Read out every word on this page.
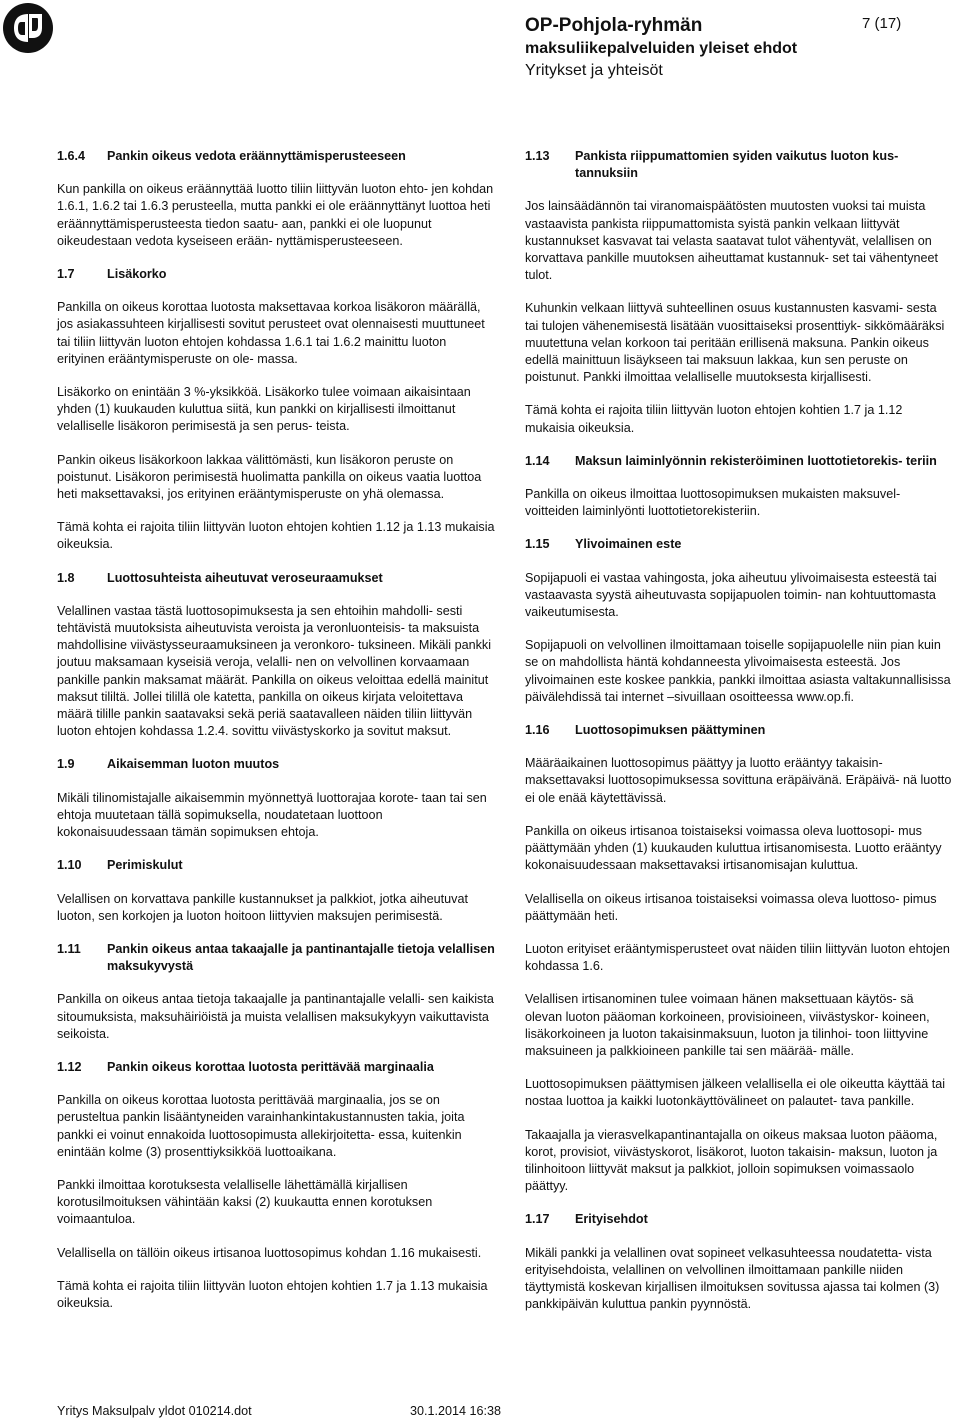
OP-Pohjola-ryhmän
maksuliikepalveluiden yleiset ehdot
Yritykset ja yhteisöt
7 (17)
1.6.4	Pankin oikeus vedota eräännyttämisperusteeseen

Kun pankilla on oikeus eräännyttää luotto tiliin liittyvän luoton ehto- jen kohdan 1.6.1, 1.6.2 tai 1.6.3 perusteella, mutta pankki ei ole eräännyttänyt luottoa heti eräännyttämisperusteesta tiedon saatu- aan, pankki ei ole luopunut oikeudestaan vedota kyseiseen erään- nyttämisperusteeseen.

1.7	Lisäkorko

Pankilla on oikeus korottaa luotosta maksettavaa korkoa lisäkoron määrällä, jos asiakassuhteen kirjallisesti sovitut perusteet ovat olennaisesti muuttuneet tai tiliin liittyvän luoton ehtojen kohdassa 1.6.1 tai 1.6.2 mainittu luoton erityinen erääntymisperuste on ole- massa.

Lisäkorko on enintään 3 %-yksikköä. Lisäkorko tulee voimaan aikaisintaan yhden (1) kuukauden kuluttua siitä, kun pankki on kirjallisesti ilmoittanut velalliselle lisäkoron perimisestä ja sen perus- teista.

Pankin oikeus lisäkorkoon lakkaa välittömästi, kun lisäkoron peruste on poistunut. Lisäkoron perimisestä huolimatta pankilla on oikeus vaatia luottoa heti maksettavaksi, jos erityinen erääntymisperuste on yhä olemassa.

Tämä kohta ei rajoita tiliin liittyvän luoton ehtojen kohtien 1.12 ja 1.13 mukaisia oikeuksia.

1.8	Luottosuhteista aiheutuvat veroseuraamukset

Velallinen vastaa tästä luottosopimuksesta ja sen ehtoihin mahdolli- sesti tehtävistä muutoksista aiheutuvista veroista ja veronluonteisis- ta maksuista mahdollisine viivästysseuraamuksineen ja veronkoro- tuksineen. Mikäli pankki joutuu maksamaan kyseisiä veroja, velalli- nen on velvollinen korvaamaan pankille pankin maksamat määrät. Pankilla on oikeus veloittaa edellä mainitut maksut tililtä. Jollei tilillä ole katetta, pankilla on oikeus kirjata veloitettava määrä tilille pankin saatavaksi sekä periä saatavalleen näiden tiliin liittyvän luoton ehtojen kohdassa 1.2.4. sovittu viivästyskorko ja sovitut maksut.

1.9	Aikaisemman luoton muutos

Mikäli tilinomistajalle aikaisemmin myönnettyä luottorajaa korote- taan tai sen ehtoja muutetaan tällä sopimuksella, noudatetaan luottoon kokonaisuudessaan tämän sopimuksen ehtoja.

1.10	Perimiskulut

Velallisen on korvattava pankille kustannukset ja palkkiot, jotka aiheutuvat luoton, sen korkojen ja luoton hoitoon liittyvien maksujen perimisestä.

1.11	Pankin oikeus antaa takaajalle ja pantinantajalle tietoja velallisen maksukyvystä

Pankilla on oikeus antaa tietoja takaajalle ja pantinantajalle velalli- sen kaikista sitoumuksista, maksuhäiriöistä ja muista velallisen maksukykyyn vaikuttavista seikoista.

1.12	Pankin oikeus korottaa luotosta perittävää marginaalia

Pankilla on oikeus korottaa luotosta perittävää marginaalia, jos se on perusteltua pankin lisääntyneiden varainhankintakustannusten takia, joita pankki ei voinut ennakoida luottosopimusta allekirjoitetta- essa, kuitenkin enintään kolme (3) prosenttiyksikköä luottoaikana.

Pankki ilmoittaa korotuksesta velalliselle lähettämällä kirjallisen korotusilmoituksen vähintään kaksi (2) kuukautta ennen korotuksen voimaantuloa.

Velallisella on tällöin oikeus irtisanoa luottosopimus kohdan 1.16 mukaisesti.

Tämä kohta ei rajoita tiliin liittyvän luoton ehtojen kohtien 1.7 ja 1.13 mukaisia oikeuksia.

1.13	Pankista riippumattomien syiden vaikutus luoton kus- tannuksiin

Jos lainsäädännön tai viranomaispäätösten muutosten vuoksi tai muista vastaavista pankista riippumattomista syistä pankin velkaan liittyvät kustannukset kasvavat tai velasta saatavat tulot vähentyvät, velallisen on korvattava pankille muutoksen aiheuttamat kustannuk- set tai vähentyneet tulot.

Kuhunkin velkaan liittyvä suhteellinen osuus kustannusten kasvami- sesta tai tulojen vähenemisestä lisätään vuosittaiseksi prosenttiyk- sikkömääräksi muutettuna velan korkoon tai peritään erillisenä maksuna. Pankin oikeus edellä mainittuun lisäykseen tai maksuun lakkaa, kun sen peruste on poistunut. Pankki ilmoittaa velalliselle muutoksesta kirjallisesti.

Tämä kohta ei rajoita tiliin liittyvän luoton ehtojen kohtien 1.7 ja 1.12 mukaisia oikeuksia.

1.14	Maksun laiminlyönnin rekisteröiminen luottotietorekis- teriin

Pankilla on oikeus ilmoittaa luottosopimuksen mukaisten maksuvel- voitteiden laiminlyönti luottotietorekisteriin.

1.15	Ylivoimainen este

Sopijapuoli ei vastaa vahingosta, joka aiheutuu ylivoimaisesta esteestä tai vastaavasta syystä aiheutuvasta sopijapuolen toimin- nan kohtuuttomasta vaikeutumisesta.

Sopijapuoli on velvollinen ilmoittamaan toiselle sopijapuolelle niin pian kuin se on mahdollista häntä kohdanneesta ylivoimaisesta esteestä. Jos ylivoimainen este koskee pankkia, pankki ilmoittaa asiasta valtakunnallisissa päivälehdissä tai internet –sivuillaan osoitteessa www.op.fi.

1.16	Luottosopimuksen päättyminen

Määräaikainen luottosopimus päättyy ja luotto erääntyy takaisin- maksettavaksi luottosopimuksessa sovittuna eräpäivänä. Eräpäivä- nä luotto ei ole enää käytettävissä.

Pankilla on oikeus irtisanoa toistaiseksi voimassa oleva luottosopi- mus päättymään yhden (1) kuukauden kuluttua irtisanomisesta. Luotto erääntyy kokonaisuudessaan maksettavaksi irtisanomisajan kuluttua.

Velallisella on oikeus irtisanoa toistaiseksi voimassa oleva luottoso- pimus päättymään heti.

Luoton erityiset erääntymisperusteet ovat näiden tiliin liittyvän luoton ehtojen kohdassa 1.6.

Velallisen irtisanominen tulee voimaan hänen maksettuaan käytös- sä olevan luoton pääoman korkoineen, provisioineen, viivästyskor- koineen, lisäkorkoineen ja luoton takaisinmaksuun, luoton ja tilinhoi- toon liittyvine maksuineen ja palkkioineen pankille tai sen määrää- mälle.

Luottosopimuksen päättymisen jälkeen velallisella ei ole oikeutta käyttää tai nostaa luottoa ja kaikki luotonkäyttövälineet on palautet- tava pankille.

Takaajalla ja vierasvelkapantinantajalla on oikeus maksaa luoton pääoma, korot, provisiot, viivästyskorot, lisäkorot, luoton takaisin- maksun, luoton ja tilinhoitoon liittyvät maksut ja palkkiot, jolloin sopimuksen voimassaolo päättyy.

1.17	Erityisehdot

Mikäli pankki ja velallinen ovat sopineet velkasuhteessa noudatetta- vista erityisehdoista, velallinen on velvollinen ilmoittamaan pankille niiden täyttymistä koskevan kirjallisen ilmoituksen sovitussa ajassa tai kolmen (3) pankkipäivän kuluttua pankin pyynnöstä.

Yritys Maksulpalv yldot 010214.dot	30.1.2014 16:38
